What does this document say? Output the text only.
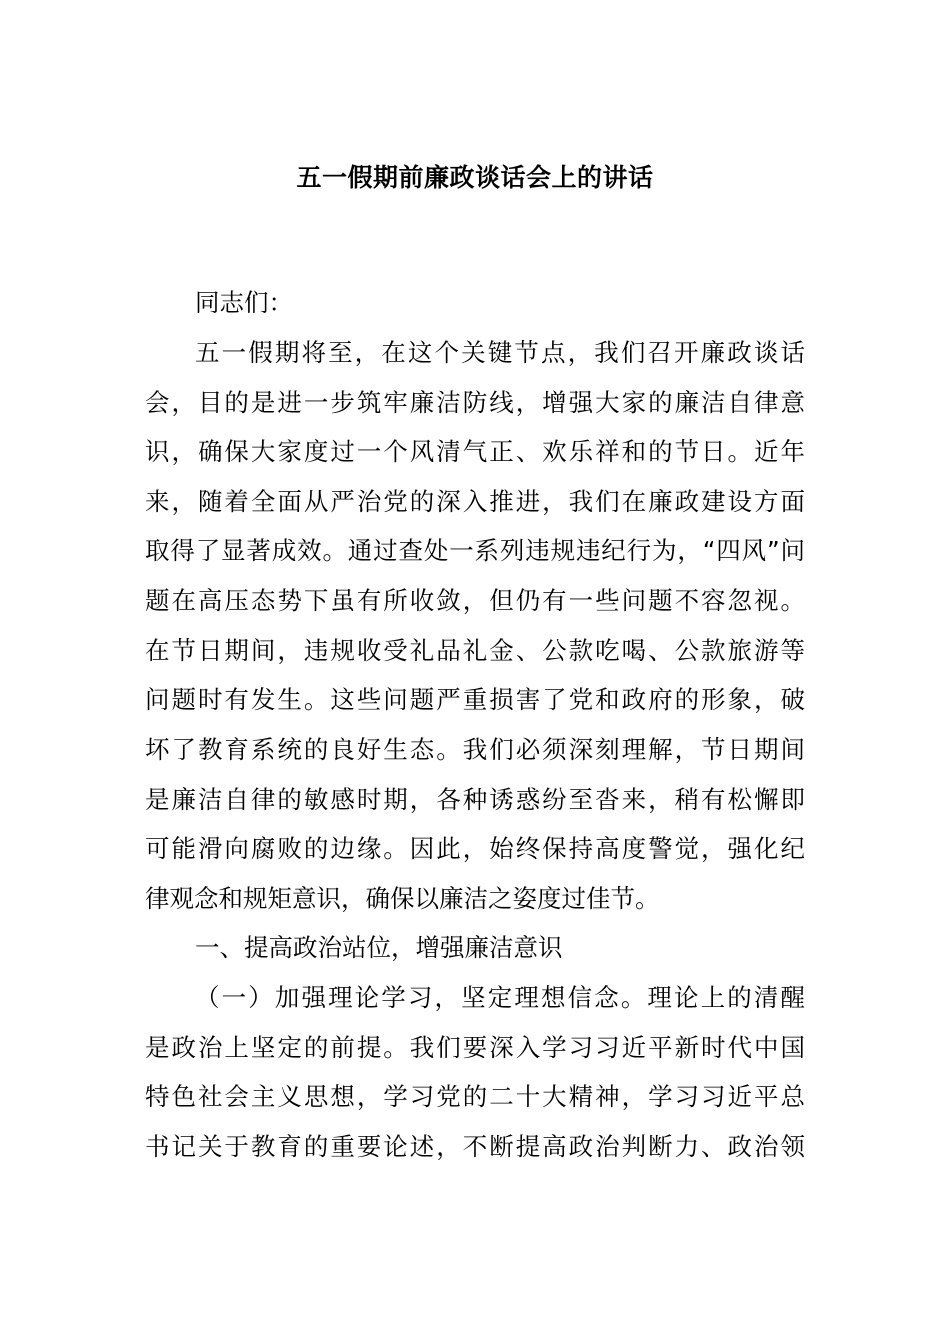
五一假期前廉政谈话会上的讲话
同志们：
五一假期将至，在这个关键节点，我们召开廉政谈话
会，目的是进一步筑牢廉洁防线，增强大家的廉洁自律意
识，确保大家度过一个风清气正、欢乐祥和的节日。近年
来，随着全面从严治党的深入推进，我们在廉政建设方面
取得了显著成效。通过查处一系列违规违纪行为，“四风”问
题在高压态势下虽有所收敛，但仍有一些问题不容忽视。
在节日期间，违规收受礼品礼金、公款吃喝、公款旅游等
问题时有发生。这些问题严重损害了党和政府的形象，破
坏了教育系统的良好生态。我们必须深刻理解，节日期间
是廉洁自律的敏感时期，各种诱惑纷至沓来，稍有松懈即
可能滑向腐败的边缘。因此，始终保持高度警觉，强化纪
律观念和规矩意识，确保以廉洁之姿度过佳节。
一、提高政治站位，增强廉洁意识
（一）加强理论学习，坚定理想信念。理论上的清醒
是政治上坚定的前提。我们要深入学习习近平新时代中国
特色社会主义思想，学习党的二十大精神，学习习近平总
书记关于教育的重要论述，不断提高政治判断力、政治领
